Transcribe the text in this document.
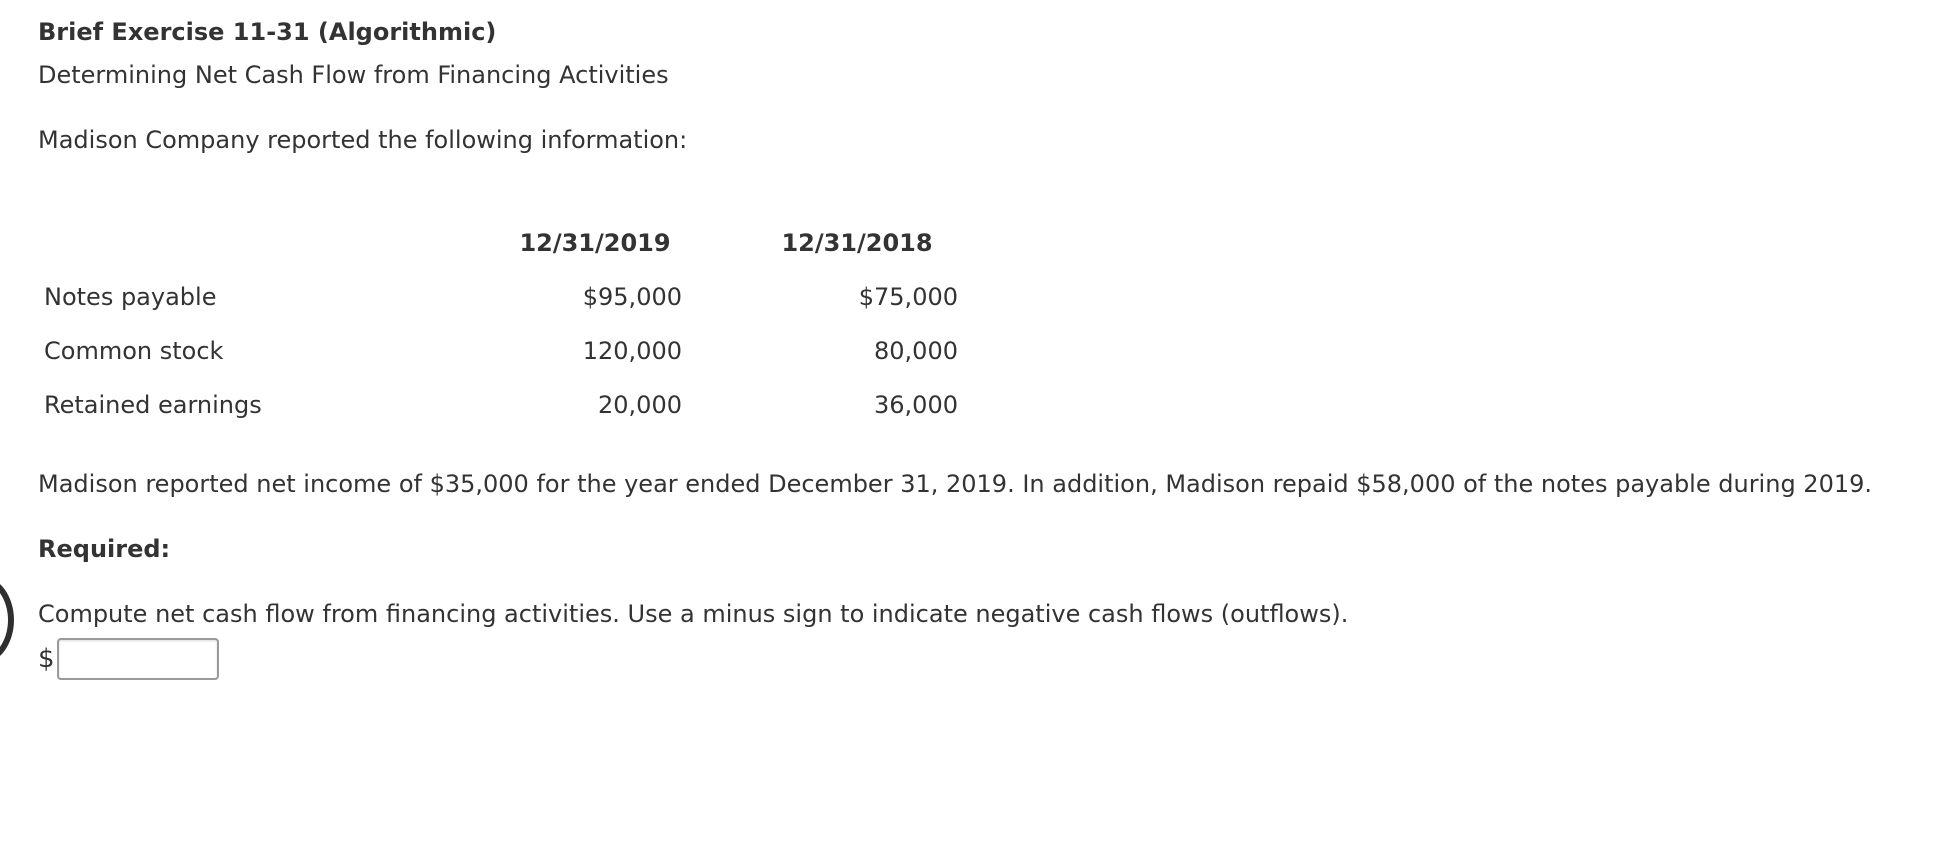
Brief Exercise 11-31 (Algorithmic)
Determining Net Cash Flow from Financing Activities
Madison Company reported the following information:
	12/31/2019	12/31/2018
Notes payable	$95,000	$75,000
Common stock	120,000	80,000
Retained earnings	20,000	36,000
Madison reported net income of $35,000 for the year ended December 31, 2019. In addition, Madison repaid $58,000 of the notes payable during 2019.
Required:
Compute net cash flow from financing activities. Use a minus sign to indicate negative cash flows (outflows).
$
